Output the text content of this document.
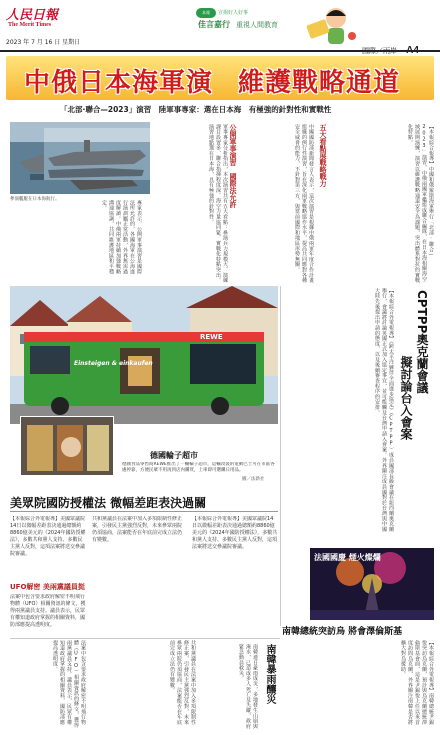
人民日報
The Merit Times
2023 年 7 月 16 日 星期日
本報	宣揚好人好事
佳言嘉行 重視人間教育
中俄日本海軍演 維護戰略通道
「北部·聯合—2023」演習　陸軍事專家：選在日本海　有極強的針對性和實戰性
參演艦艇在日本海航行。
專家表示，公開軍事演習是國際法所允許的，各國海軍在公海進行演訓屬正常活動，外界無需過度解讀。中俄兩軍持續加強戰略溝通協調，共同維護地區和平穩定。	軍事專家分析指出，本次演習共有五大看點：參演兵力規模大、演練課目設置多、聯合指揮程度深、海空力量協同緊、實戰化特點突出。演習地點選在日本海，具有極強的針對性。	公開軍事演習　國際法允許	中國國防部新聞發言人表示，這次演習是根據中俄兩軍年度合作計畫組織的例行性演習，旨在深化兩軍戰略協作水平，提高共同應對各種安全威脅的能力，不針對第三方，與當前國際和地區形勢無關。	五大看點展戰略戰力	【本報綜合報導】中國和俄羅斯海軍舉行「北部·聯合—2023」演習，中俄兩國軍艦組成聯合編隊，在日本海相關海空域展開演練，演習以維護戰略通道安全為課題，突出體系對抗的實戰化特點。
CPTPP奧克蘭會議
擬討論台入會案
【本報綜合外電報導】《跨太平洋夥伴全面進步協定》（CPTPP）成員國部長級會議在紐西蘭奧克蘭舉行，會議將討論英國正式加入協定事宜，並可能觸及台灣申請入會案。外界關注成員國對於台灣與中國大陸先後提出申請的態度，以及後續審查程序的安排。
REWE
Einsteigen & einkaufen
德國輪子超市
德國食品零售商REWE推出了一輛輪子超市，這輛改裝的電動巴士可在市區各處停靠，方便民眾不用再到店內購買，上車即可選購日用品。
圖／法新社
美眾院國防授權法 微幅差距表決過關
【本報綜合外電報導】美國眾議院14日以微幅差距表決通過總額約8860億美元的《2024年國防授權法》，多數共和黨人支持、多數民主黨人反對，這項法案將送交參議院審議。
UFO解密 美兩黨議員挺
法案中包含要求政府解密不明飛行物體（UFO）相關資訊的條文，獲得兩黨議員支持。議員表示，民眾有權知道政府掌握的相關資料，國防部應提高透明度。
共和黨議員在法案中加入多項限制性修正案，引發民主黨強烈反對，未來參眾兩院仍須協商，法案能否在年底前完成立法仍有變數。
【本報綜合外電報導】美國眾議院14日以微幅差距表決通過總額約8860億美元的《2024年國防授權法》，多數共和黨人支持、多數民主黨人反對，這項法案將送交參議院審議。
法國國慶 煙火燦爛
法案中包含要求政府解密不明飛行物體（UFO）相關資訊的條文，獲得兩黨議員支持。議員表示，民眾有權知道政府掌握的相關資料，國防部應提高透明度。	共和黨議員在法案中加入多項限制性修正案，引發民主黨強烈反對，未來參眾兩院仍須協商，法案能否在年底前完成立法仍有變數。	南韓暴雨釀災
南韓連日豪雨成災，多地發生山崩與淹水，已造成多人死亡及失蹤，政府緊急動員救災。
南韓總統突訪烏 將會澤倫斯基
【本報綜合外電報導】南韓總統尹錫悅突訪烏克蘭，預計與烏克蘭總統澤倫斯基會面，這是尹錫悅上任以來首度訪問烏克蘭，外界關注南韓是否將擴大對烏援助。
